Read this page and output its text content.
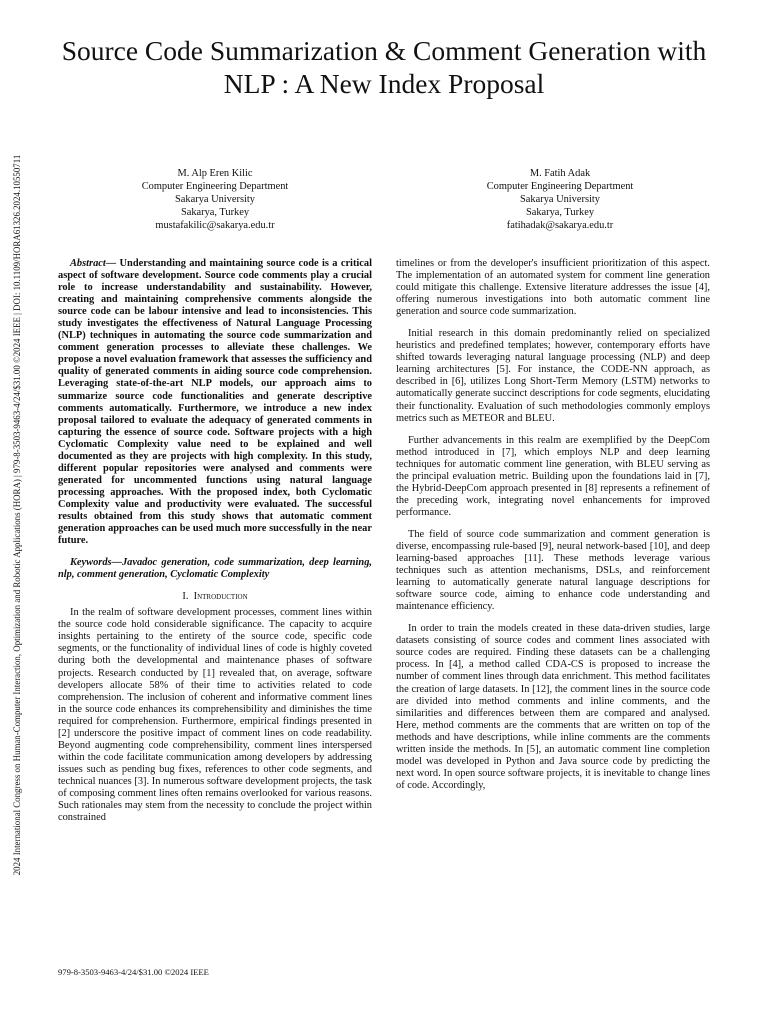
Source Code Summarization & Comment Generation with NLP : A New Index Proposal
2024 International Congress on Human-Computer Interaction, Optimization and Robotic Applications (HORA) | 979-8-3503-9463-4/24/$31.00 ©2024 IEEE | DOI: 10.1109/HORA61326.2024.10550711	M. Alp Eren Kilic
Computer Engineering Department
Sakarya University
Sakarya, Turkey
mustafakilic@sakarya.edu.tr
M. Fatih Adak
Computer Engineering Department
Sakarya University
Sakarya, Turkey
fatihadak@sakarya.edu.tr

Abstract— Understanding and maintaining source code is a critical aspect of software development. Source code comments play a crucial role to increase understandability and sustainability. However, creating and maintaining comprehensive comments alongside the source code can be labour intensive and lead to inconsistencies. This study investigates the effectiveness of Natural Language Processing (NLP) techniques in automating the source code summarization and comment generation processes to alleviate these challenges. We propose a novel evaluation framework that assesses the sufficiency and quality of generated comments in aiding source code comprehension. Leveraging state-of-the-art NLP models, our approach aims to summarize source code functionalities and generate descriptive comments automatically. Furthermore, we introduce a new index proposal tailored to evaluate the adequacy of generated comments in capturing the essence of source code. Software projects with a high Cyclomatic Complexity value need to be explained and well documented as they are projects with high complexity. In this study, different popular repositories were analysed and comments were generated for uncommented functions using natural language processing approaches. With the proposed index, both Cyclomatic Complexity value and productivity were evaluated. The successful results obtained from this study shows that automatic comment generation approaches can be used much more successfully in the near future.

Keywords—Javadoc generation, code summarization, deep learning, nlp, comment generation, Cyclomatic Complexity

I. Introduction

In the realm of software development processes, comment lines within the source code hold considerable significance. The capacity to acquire insights pertaining to the entirety of the source code, specific code segments, or the functionality of individual lines of code is highly coveted during both the developmental and maintenance phases of software projects. Research conducted by [1] revealed that, on average, software developers allocate 58% of their time to activities related to code comprehension. The inclusion of coherent and informative comment lines in the source code enhances its comprehensibility and diminishes the time required for comprehension. Furthermore, empirical findings presented in [2] underscore the positive impact of comment lines on code readability. Beyond augmenting code comprehensibility, comment lines interspersed within the code facilitate communication among developers by addressing issues such as pending bug fixes, references to other code segments, and technical nuances [3]. In numerous software development projects, the task of composing comment lines often remains overlooked for various reasons. Such rationales may stem from the necessity to conclude the project within constrained

timelines or from the developer's insufficient prioritization of this aspect. The implementation of an automated system for comment line generation could mitigate this challenge. Extensive literature addresses the issue [4], offering numerous investigations into both automatic comment line generation and source code summarization.

Initial research in this domain predominantly relied on specialized heuristics and predefined templates; however, contemporary efforts have shifted towards leveraging natural language processing (NLP) and deep learning architectures [5]. For instance, the CODE-NN approach, as described in [6], utilizes Long Short-Term Memory (LSTM) networks to automatically generate succinct descriptions for code segments, elucidating their functionality. Evaluation of such methodologies commonly employs metrics such as METEOR and BLEU.

Further advancements in this realm are exemplified by the DeepCom method introduced in [7], which employs NLP and deep learning techniques for automatic comment line generation, with BLEU serving as the principal evaluation metric. Building upon the foundations laid in [7], the Hybrid-DeepCom approach presented in [8] represents a refinement of the preceding work, integrating novel enhancements for improved performance.

The field of source code summarization and comment generation is diverse, encompassing rule-based [9], neural network-based [10], and deep learning-based approaches [11]. These methods leverage various techniques such as attention mechanisms, DSLs, and reinforcement learning to automatically generate natural language descriptions for software source code, aiming to enhance code understanding and maintenance efficiency.

In order to train the models created in these data-driven studies, large datasets consisting of source codes and comment lines associated with source codes are required. Finding these datasets can be a challenging process. In [4], a method called CDA-CS is proposed to increase the number of comment lines through data enrichment. This method facilitates the creation of large datasets. In [12], the comment lines in the source code are divided into method comments and inline comments, and the similarities and differences between them are compared and analysed. Here, method comments are the comments that are written on top of the methods and have descriptions, while inline comments are the comments written inside the methods. In [5], an automatic comment line completion model was developed in Python and Java source code by predicting the next word. In open source software projects, it is inevitable to change lines of code. Accordingly,

979-8-3503-9463-4/24/$31.00 ©2024 IEEE
